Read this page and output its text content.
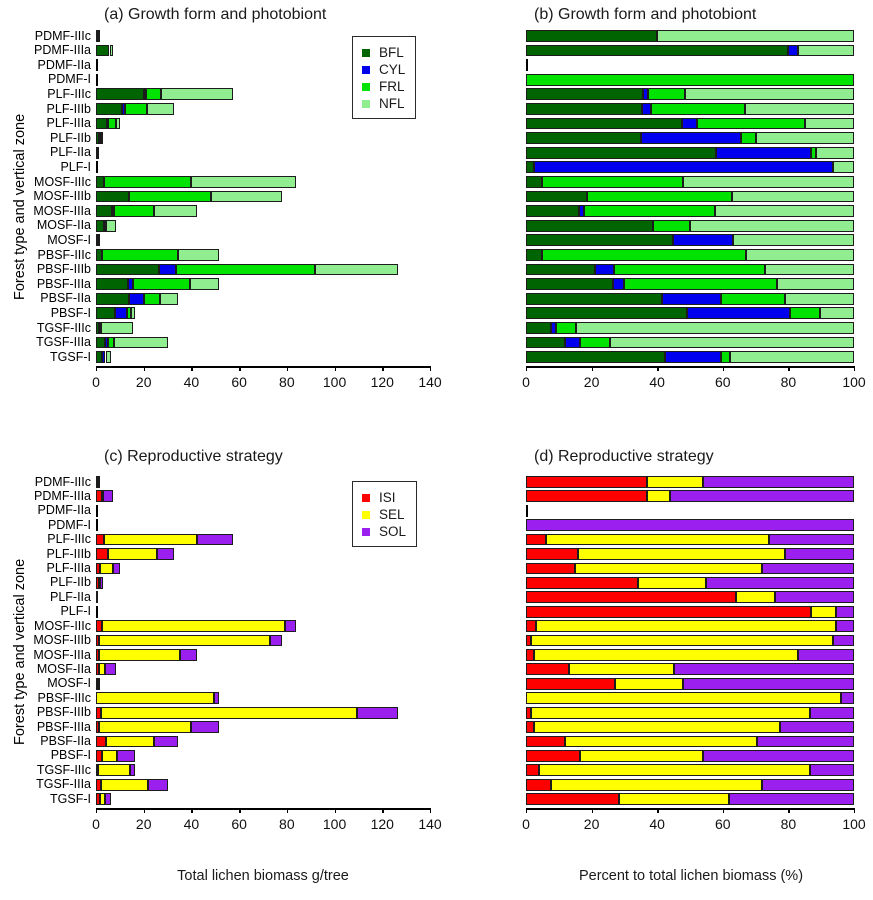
(a) Growth form and photobiont	(b) Growth form and photobiont
(c) Reproductive strategy	(d) Reproductive strategy
Forest type and vertical zone
Forest type and vertical zone
Total lichen biomass g/tree	Percent to total lichen biomass (%)
PDMF-IIIc
PDMF-IIIa
PDMF-IIa
PDMF-I
PLF-IIIc
PLF-IIIb
PLF-IIIa
PLF-IIb
PLF-IIa
PLF-I
MOSF-IIIc
MOSF-IIIb
MOSF-IIIa
MOSF-IIa
MOSF-I
PBSF-IIIc
PBSF-IIIb
PBSF-IIIa
PBSF-IIa
PBSF-I
TGSF-IIIc
TGSF-IIIa
TGSF-I
0	20 40 60 80 100 120 140
BFL
CYL
FRL
NFL
0	20	40	60	80	100
PDMF-IIIc
PDMF-IIIa
PDMF-IIa
PDMF-I
PLF-IIIc
PLF-IIIb
PLF-IIIa
PLF-IIb
PLF-IIa
PLF-I
MOSF-IIIc
MOSF-IIIb
MOSF-IIIa
MOSF-IIa
MOSF-I
PBSF-IIIc
PBSF-IIIb
PBSF-IIIa
PBSF-IIa
PBSF-I
TGSF-IIIc
TGSF-IIIa
TGSF-I
0	20 40 60 80 100 120 140
ISI
SEL
SOL
0	20	40	60	80	100
